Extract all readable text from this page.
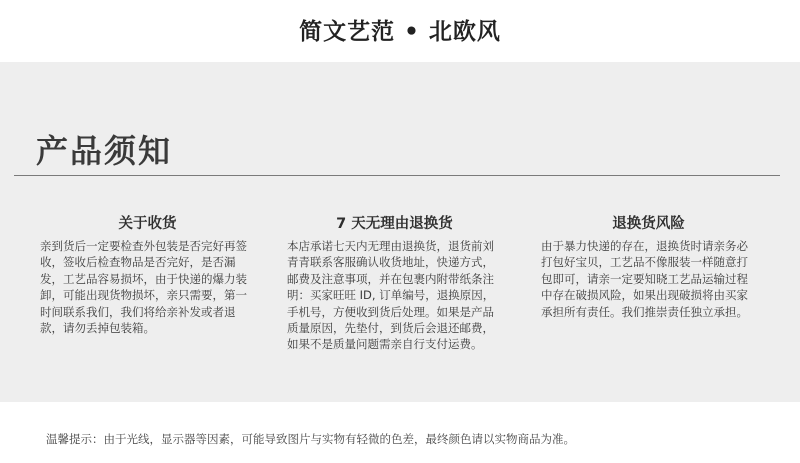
简文艺范 • 北欧风
产品须知
关于收货

亲到货后一定要检查外包装是否完好再签收，签收后检查物品是否完好，是否漏发，工艺品容易损坏，由于快递的爆力装卸，可能出现货物损坏，亲只需要，第一时间联系我们，我们将给亲补发或者退款，请勿丢掉包装箱。

7 天无理由退换货

本店承诺七天内无理由退换货，退货前刘青青联系客服确认收货地址，快递方式，邮费及注意事项，并在包裹内附带纸条注明：买家旺旺 ID, 订单编号，退换原因，手机号，方便收到货后处理。如果是产品质量原因，先垫付，到货后会退还邮费，如果不是质量问题需亲自行支付运费。

退换货风险

由于暴力快递的存在，退换货时请亲务必打包好宝贝，工艺品不像服装一样随意打包即可，请亲一定要知晓工艺品运输过程中存在破损风险，如果出现破损将由买家承担所有责任。我们推崇责任独立承担。

温馨提示：由于光线，显示器等因素，可能导致图片与实物有轻微的色差，最终颜色请以实物商品为准。
